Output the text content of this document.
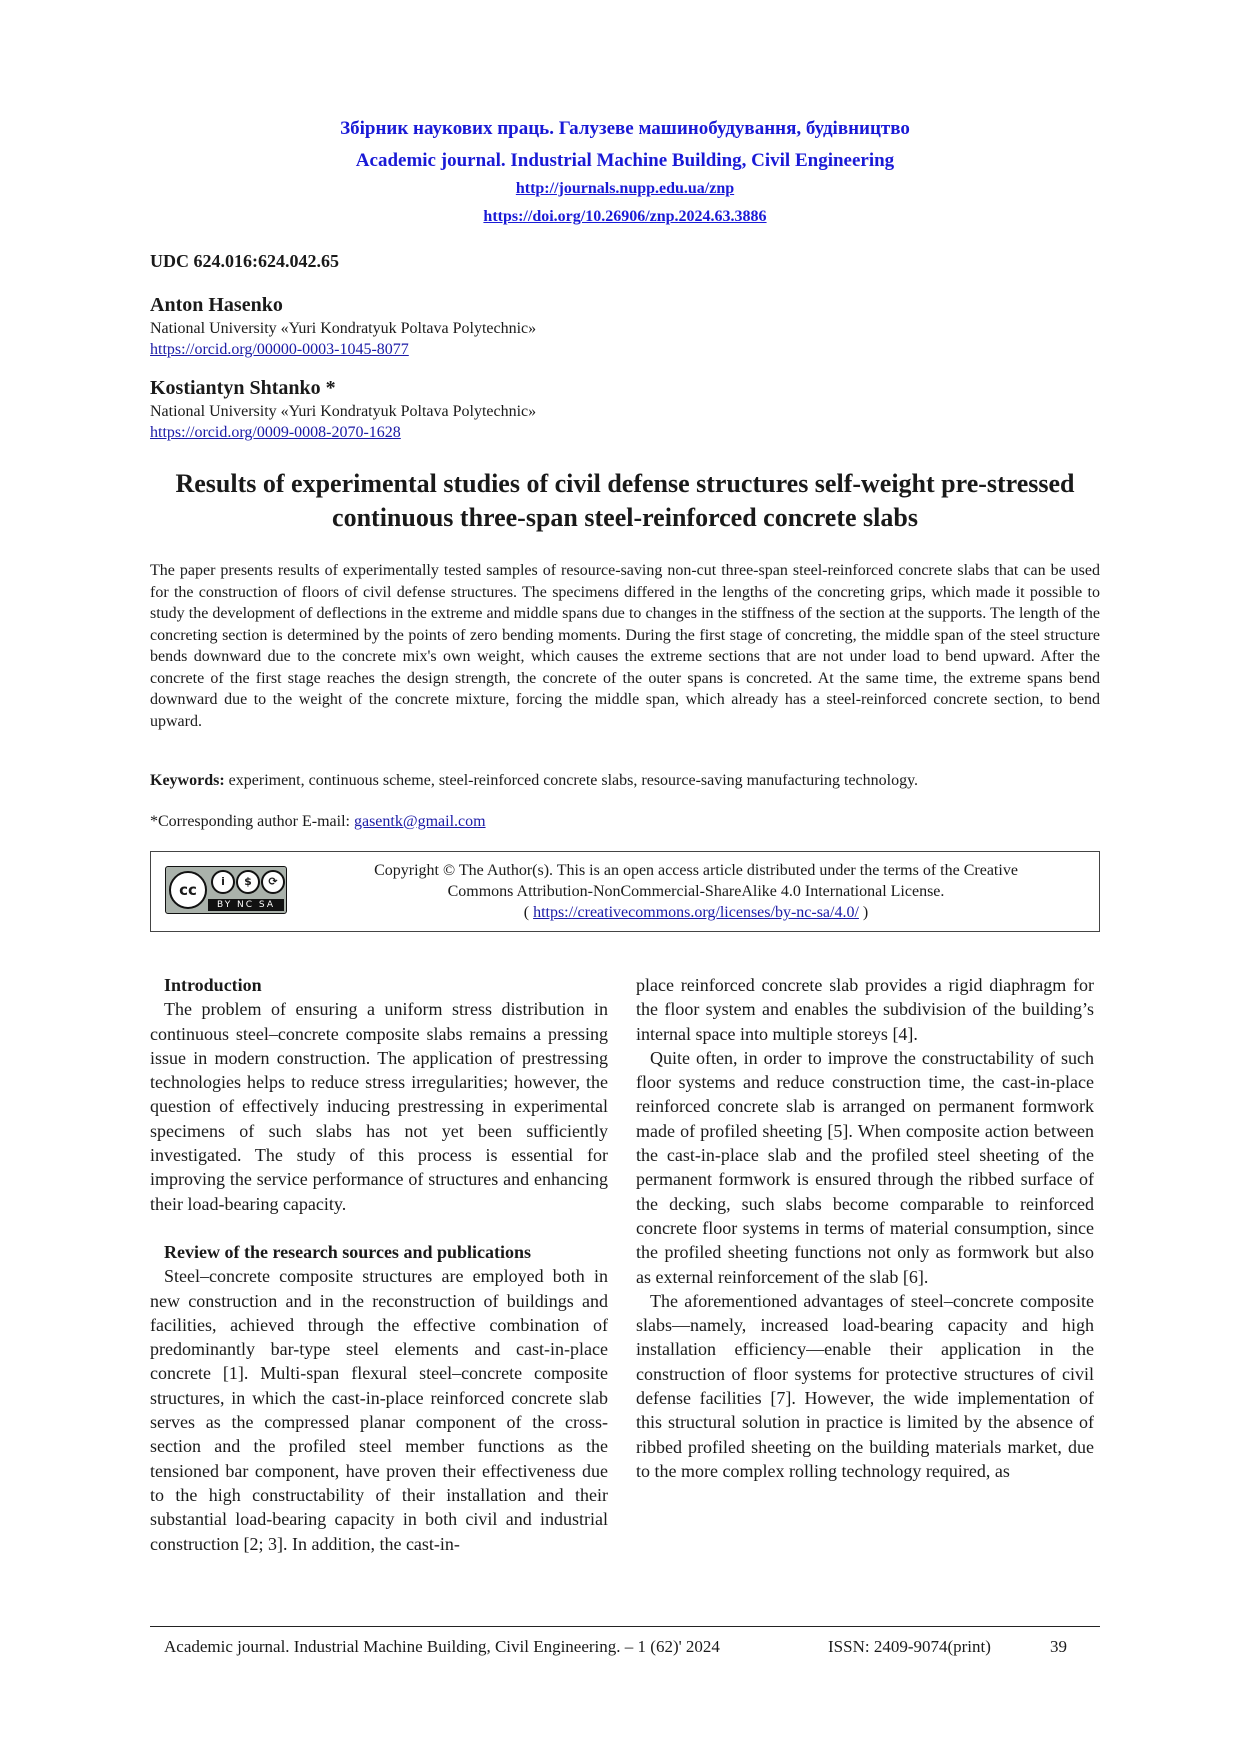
Збірник наукових праць. Галузеве машинобудування, будівництво
Academic journal. Industrial Machine Building, Civil Engineering
http://journals.nupp.edu.ua/znp
https://doi.org/10.26906/znp.2024.63.3886
UDC 624.016:624.042.65
Anton Hasenko
National University «Yuri Kondratyuk Poltava Polytechnic»
https://orcid.org/00000-0003-1045-8077
Kostiantyn Shtanko *
National University «Yuri Kondratyuk Poltava Polytechnic»
https://orcid.org/0009-0008-2070-1628
Results of experimental studies of civil defense structures self-weight pre-stressed continuous three-span steel-reinforced concrete slabs
The paper presents results of experimentally tested samples of resource-saving non-cut three-span steel-reinforced concrete slabs that can be used for the construction of floors of civil defense structures. The specimens differed in the lengths of the concreting grips, which made it possible to study the development of deflections in the extreme and middle spans due to changes in the stiffness of the section at the supports. The length of the concreting section is determined by the points of zero bending moments. During the first stage of concreting, the middle span of the steel structure bends downward due to the concrete mix's own weight, which causes the extreme sections that are not under load to bend upward. After the concrete of the first stage reaches the design strength, the concrete of the outer spans is concreted. At the same time, the extreme spans bend downward due to the weight of the concrete mixture, forcing the middle span, which already has a steel-reinforced concrete section, to bend upward.
Keywords: experiment, continuous scheme, steel-reinforced concrete slabs, resource-saving manufacturing technology.
*Corresponding author E-mail: gasentk@gmail.com
cc	i	$	⟳
BY NC SA
Copyright © The Author(s). This is an open access article distributed under the terms of the Creative
Commons Attribution-NonCommercial-ShareAlike 4.0 International License.
( https://creativecommons.org/licenses/by-nc-sa/4.0/ )
Introduction

The problem of ensuring a uniform stress distribution in continuous steel–concrete composite slabs remains a pressing issue in modern construction. The application of prestressing technologies helps to reduce stress irregularities; however, the question of effectively inducing prestressing in experimental specimens of such slabs has not yet been sufficiently investigated. The study of this process is essential for improving the service performance of structures and enhancing their load-bearing capacity.

Review of the research sources and publications

Steel–concrete composite structures are employed both in new construction and in the reconstruction of buildings and facilities, achieved through the effective combination of predominantly bar-type steel elements and cast-in-place concrete [1]. Multi-span flexural steel–concrete composite structures, in which the cast-in-place reinforced concrete slab serves as the compressed planar component of the cross-section and the profiled steel member functions as the tensioned bar component, have proven their effectiveness due to the high constructability of their installation and their substantial load-bearing capacity in both civil and industrial construction [2; 3]. In addition, the cast-in-

place reinforced concrete slab provides a rigid diaphragm for the floor system and enables the subdivision of the building’s internal space into multiple storeys [4].

Quite often, in order to improve the constructability of such floor systems and reduce construction time, the cast-in-place reinforced concrete slab is arranged on permanent formwork made of profiled sheeting [5]. When composite action between the cast-in-place slab and the profiled steel sheeting of the permanent formwork is ensured through the ribbed surface of the decking, such slabs become comparable to reinforced concrete floor systems in terms of material consumption, since the profiled sheeting functions not only as formwork but also as external reinforcement of the slab [6].

The aforementioned advantages of steel–concrete composite slabs—namely, increased load-bearing capacity and high installation efficiency—enable their application in the construction of floor systems for protective structures of civil defense facilities [7]. However, the wide implementation of this structural solution in practice is limited by the absence of ribbed profiled sheeting on the building materials market, due to the more complex rolling technology required, as

Academic journal. Industrial Machine Building, Civil Engineering. – 1 (62)' 2024	ISSN: 2409-9074(print)	39
